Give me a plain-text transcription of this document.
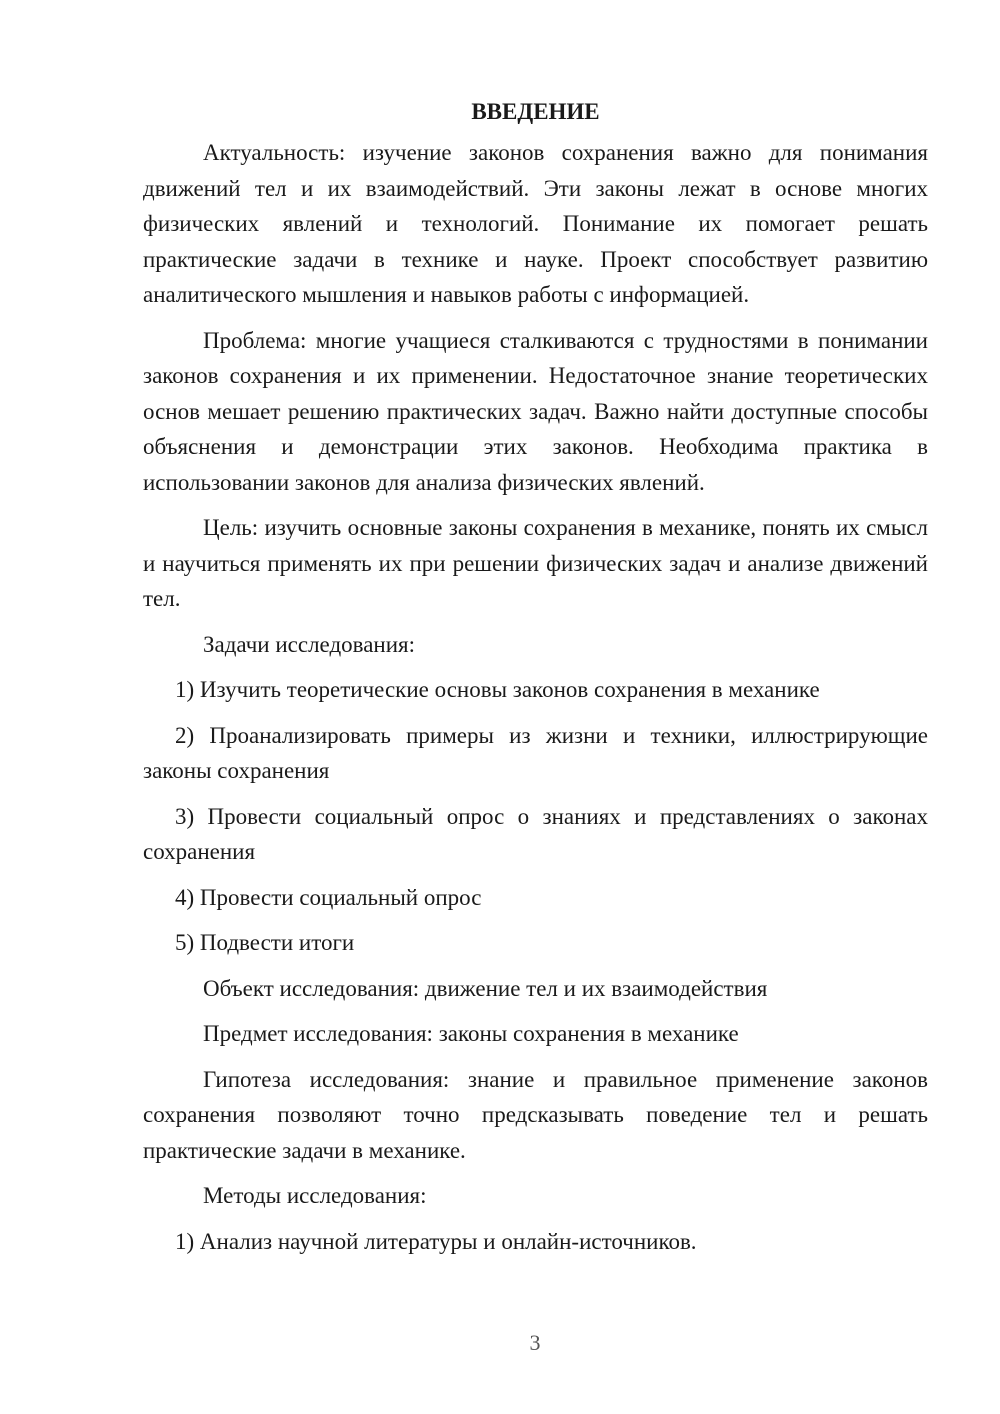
ВВЕДЕНИЕ

Актуальность: изучение законов сохранения важно для понимания движений тел и их взаимодействий. Эти законы лежат в основе многих физических явлений и технологий. Понимание их помогает решать практические задачи в технике и науке. Проект способствует развитию аналитического мышления и навыков работы с информацией.

Проблема: многие учащиеся сталкиваются с трудностями в понимании законов сохранения и их применении. Недостаточное знание теоретических основ мешает решению практических задач. Важно найти доступные способы объяснения и демонстрации этих законов. Необходима практика в использовании законов для анализа физических явлений.

Цель: изучить основные законы сохранения в механике, понять их смысл и научиться применять их при решении физических задач и анализе движений тел.

Задачи исследования:

1) Изучить теоретические основы законов сохранения в механике

2) Проанализировать примеры из жизни и техники, иллюстрирующие законы сохранения

3) Провести социальный опрос о знаниях и представлениях о законах сохранения

4) Провести социальный опрос

5) Подвести итоги

Объект исследования: движение тел и их взаимодействия

Предмет исследования: законы сохранения в механике

Гипотеза исследования: знание и правильное применение законов сохранения позволяют точно предсказывать поведение тел и решать практические задачи в механике.

Методы исследования:

1) Анализ научной литературы и онлайн-источников.

3
